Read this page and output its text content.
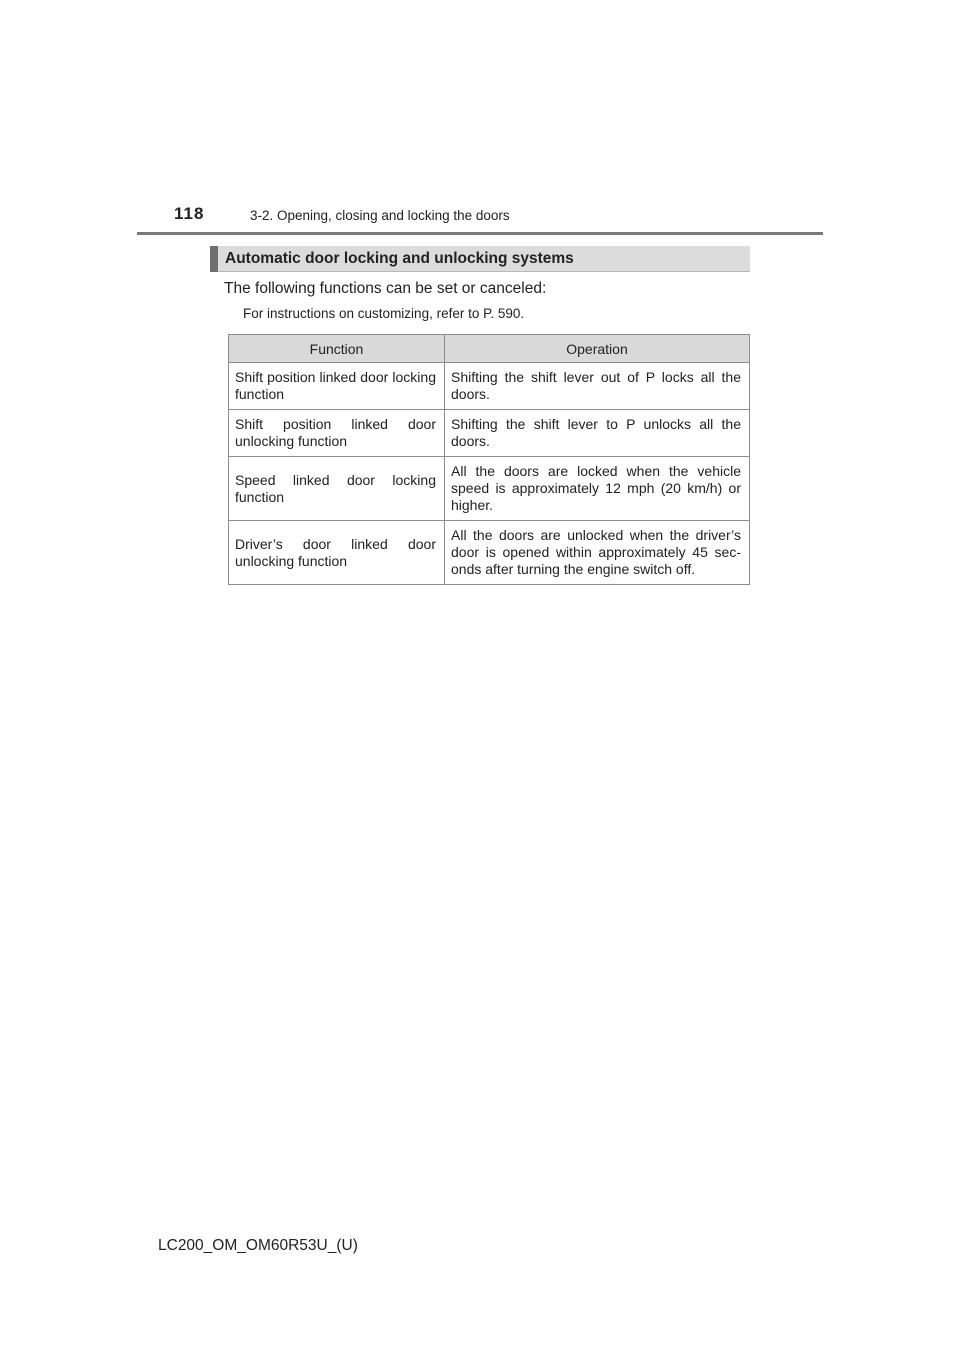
118	3-2. Opening, closing and locking the doors
Automatic door locking and unlocking systems
The following functions can be set or canceled:
For instructions on customizing, refer to P. 590.
Function	Operation
Shift position linked door locking function	Shifting the shift lever out of P locks all the doors.
Shift position linked door unlocking function	Shifting the shift lever to P unlocks all the doors.
Speed linked door locking function	All the doors are locked when the vehicle speed is approximately 12 mph (20 km/h) or higher.
Driver’s door linked door unlocking function	All the doors are unlocked when the driver’s door is opened within approximately 45 sec-onds after turning the engine switch off.
LC200_OM_OM60R53U_(U)
